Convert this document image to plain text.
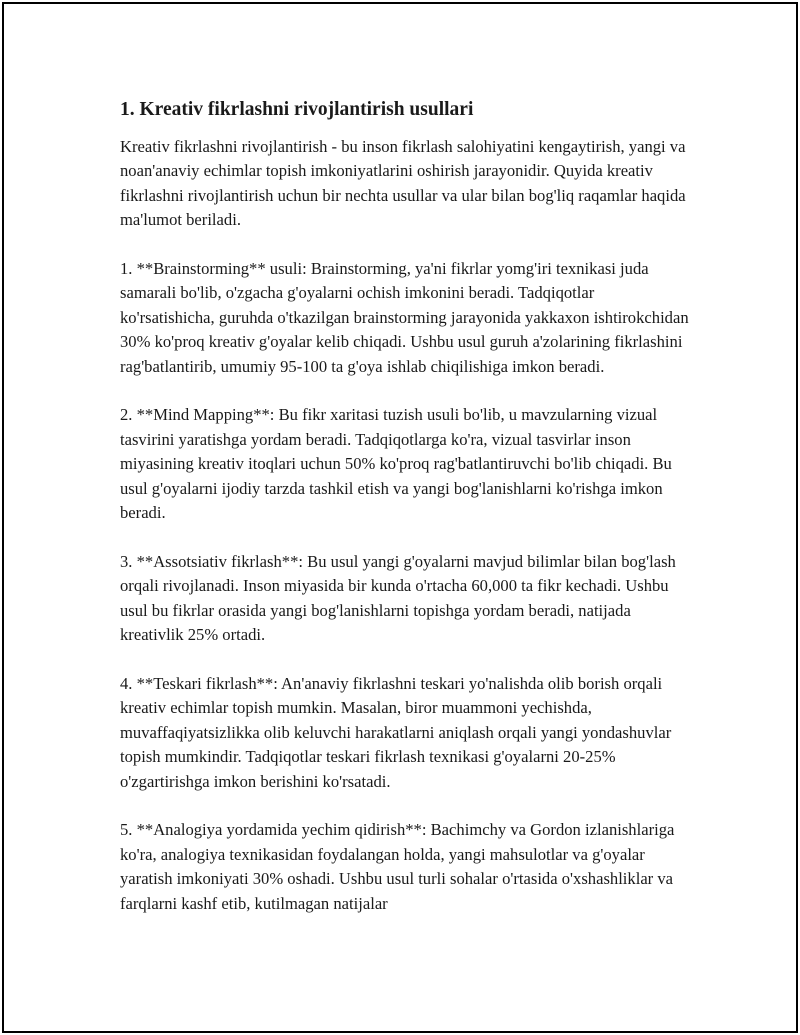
1. Kreativ fikrlashni rivojlantirish usullari

Kreativ fikrlashni rivojlantirish - bu inson fikrlash salohiyatini kengaytirish, yangi va noan'anaviy echimlar topish imkoniyatlarini oshirish jarayonidir. Quyida kreativ fikrlashni rivojlantirish uchun bir nechta usullar va ular bilan bog'liq raqamlar haqida ma'lumot beriladi.

1. **Brainstorming** usuli: Brainstorming, ya'ni fikrlar yomg'iri texnikasi juda samarali bo'lib, o'zgacha g'oyalarni ochish imkonini beradi. Tadqiqotlar ko'rsatishicha, guruhda o'tkazilgan brainstorming jarayonida yakkaxon ishtirokchidan 30% ko'proq kreativ g'oyalar kelib chiqadi. Ushbu usul guruh a'zolarining fikrlashini rag'batlantirib, umumiy 95-100 ta g'oya ishlab chiqilishiga imkon beradi.

2. **Mind Mapping**: Bu fikr xaritasi tuzish usuli bo'lib, u mavzularning vizual tasvirini yaratishga yordam beradi. Tadqiqotlarga ko'ra, vizual tasvirlar inson miyasining kreativ itoqlari uchun 50% ko'proq rag'batlantiruvchi bo'lib chiqadi. Bu usul g'oyalarni ijodiy tarzda tashkil etish va yangi bog'lanishlarni ko'rishga imkon beradi.

3. **Assotsiativ fikrlash**: Bu usul yangi g'oyalarni mavjud bilimlar bilan bog'lash orqali rivojlanadi. Inson miyasida bir kunda o'rtacha 60,000 ta fikr kechadi. Ushbu usul bu fikrlar orasida yangi bog'lanishlarni topishga yordam beradi, natijada kreativlik 25% ortadi.

4. **Teskari fikrlash**: An'anaviy fikrlashni teskari yo'nalishda olib borish orqali kreativ echimlar topish mumkin. Masalan, biror muammoni yechishda, muvaffaqiyatsizlikka olib keluvchi harakatlarni aniqlash orqali yangi yondashuvlar topish mumkindir. Tadqiqotlar teskari fikrlash texnikasi g'oyalarni 20-25% o'zgartirishga imkon berishini ko'rsatadi.

5. **Analogiya yordamida yechim qidirish**: Bachimchy va Gordon izlanishlariga ko'ra, analogiya texnikasidan foydalangan holda, yangi mahsulotlar va g'oyalar yaratish imkoniyati 30% oshadi. Ushbu usul turli sohalar o'rtasida o'xshashliklar va farqlarni kashf etib, kutilmagan natijalar
